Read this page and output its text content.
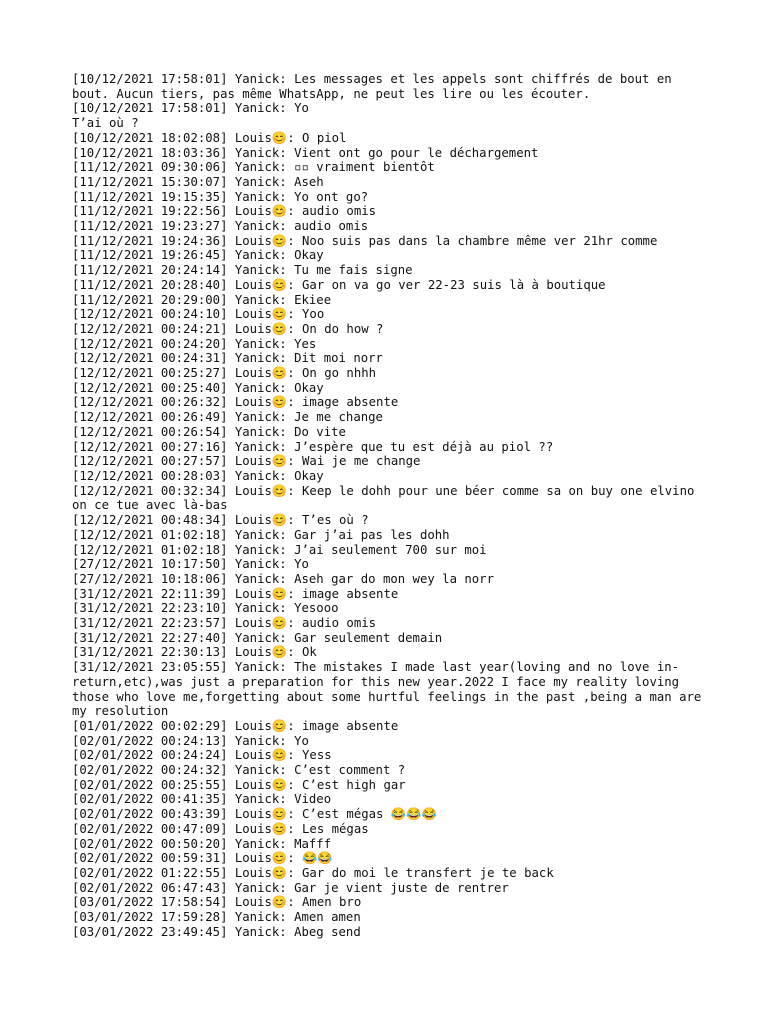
[10/12/2021 17:58:01] Yanick: Les messages et les appels sont chiffrés de bout en bout. Aucun tiers, pas même WhatsApp, ne peut les lire ou les écouter.
[10/12/2021 17:58:01] Yanick: Yo
T’ai où ?
[10/12/2021 18:02:08] Louis😊: O piol
[10/12/2021 18:03:36] Yanick: Vient ont go pour le déchargement
[11/12/2021 09:30:06] Yanick: ▫▫ vraiment bientôt
[11/12/2021 15:30:07] Yanick: Aseh
[11/12/2021 19:15:35] Yanick: Yo ont go?
[11/12/2021 19:22:56] Louis😊: audio omis
[11/12/2021 19:23:27] Yanick: audio omis
[11/12/2021 19:24:36] Louis😊: Noo suis pas dans la chambre même ver 21hr comme
[11/12/2021 19:26:45] Yanick: Okay
[11/12/2021 20:24:14] Yanick: Tu me fais signe
[11/12/2021 20:28:40] Louis😊: Gar on va go ver 22-23 suis là à boutique
[11/12/2021 20:29:00] Yanick: Ekiee
[12/12/2021 00:24:10] Louis😊: Yoo
[12/12/2021 00:24:21] Louis😊: On do how ?
[12/12/2021 00:24:20] Yanick: Yes
[12/12/2021 00:24:31] Yanick: Dit moi norr
[12/12/2021 00:25:27] Louis😊: On go nhhh
[12/12/2021 00:25:40] Yanick: Okay
[12/12/2021 00:26:32] Louis😊: image absente
[12/12/2021 00:26:49] Yanick: Je me change
[12/12/2021 00:26:54] Yanick: Do vite
[12/12/2021 00:27:16] Yanick: J’espère que tu est déjà au piol ??
[12/12/2021 00:27:57] Louis😊: Wai je me change
[12/12/2021 00:28:03] Yanick: Okay
[12/12/2021 00:32:34] Louis😊: Keep le dohh pour une béer comme sa on buy one elvino on ce tue avec là-bas
[12/12/2021 00:48:34] Louis😊: T’es où ?
[12/12/2021 01:02:18] Yanick: Gar j’ai pas les dohh
[12/12/2021 01:02:18] Yanick: J’ai seulement 700 sur moi
[27/12/2021 10:17:50] Yanick: Yo
[27/12/2021 10:18:06] Yanick: Aseh gar do mon wey la norr
[31/12/2021 22:11:39] Louis😊: image absente
[31/12/2021 22:23:10] Yanick: Yesooo
[31/12/2021 22:23:57] Louis😊: audio omis
[31/12/2021 22:27:40] Yanick: Gar seulement demain
[31/12/2021 22:30:13] Louis😊: Ok
[31/12/2021 23:05:55] Yanick: The mistakes I made last year(loving and no love in-return,etc),was just a preparation for this new year.2022 I face my reality loving those who love me,forgetting about some hurtful feelings in the past ,being a man are my resolution
[01/01/2022 00:02:29] Louis😊: image absente
[02/01/2022 00:24:13] Yanick: Yo
[02/01/2022 00:24:24] Louis😊: Yess
[02/01/2022 00:24:32] Yanick: C’est comment ?
[02/01/2022 00:25:55] Louis😊: C’est high gar
[02/01/2022 00:41:35] Yanick: Video
[02/01/2022 00:43:39] Louis😊: C’est mégas 😂😂😂
[02/01/2022 00:47:09] Louis😊: Les mégas
[02/01/2022 00:50:20] Yanick: Mafff
[02/01/2022 00:59:31] Louis😊: 😂😂
[02/01/2022 01:22:55] Louis😊: Gar do moi le transfert je te back
[02/01/2022 06:47:43] Yanick: Gar je vient juste de rentrer
[03/01/2022 17:58:54] Louis😊: Amen bro
[03/01/2022 17:59:28] Yanick: Amen amen
[03/01/2022 23:49:45] Yanick: Abeg send
